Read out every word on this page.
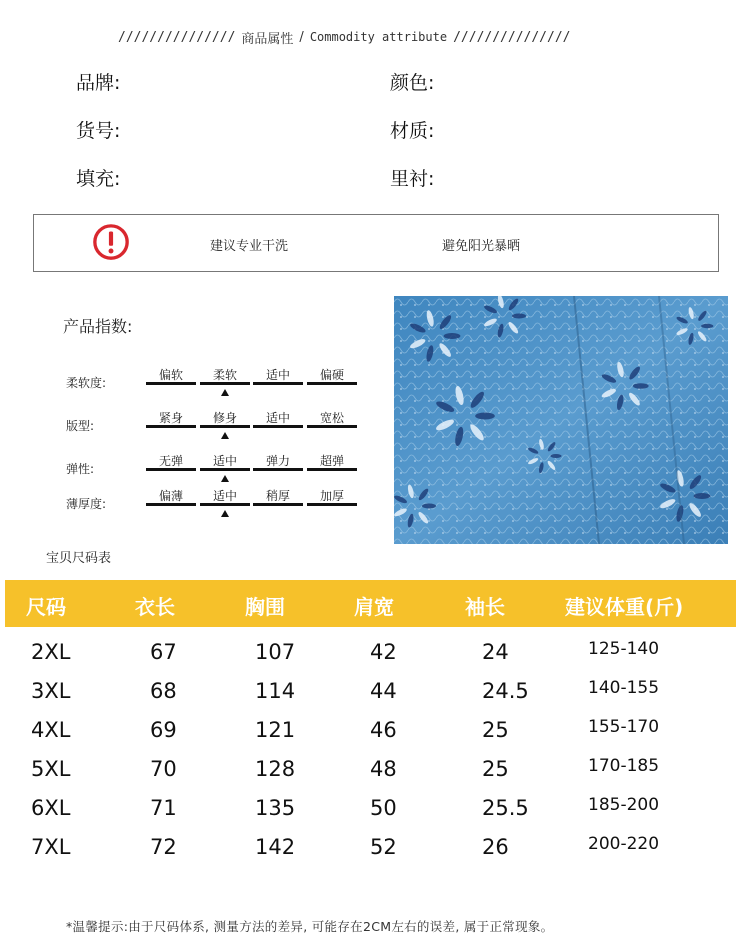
/////////////// 商品属性 / Commodity attribute ///////////////
品牌:	颜色:
货号:	材质:
填充:	里衬:
建议专业干洗	避免阳光暴晒
产品指数:
柔软度:
偏软	柔软	适中	偏硬
版型:
紧身	修身	适中	宽松
弹性:
无弹	适中	弹力	超弹
薄厚度:
偏薄	适中	稍厚	加厚
宝贝尺码表
尺码	衣长	胸围	肩宽	袖长	建议体重(斤)
2XL	67	107	42	24	125-140
3XL	68	114	44	24.5	140-155
4XL	69	121	46	25	155-170
5XL	70	128	48	25	170-185
6XL	71	135	50	25.5	185-200
7XL	72	142	52	26	200-220
*温馨提示:由于尺码体系, 测量方法的差异, 可能存在2CM左右的误差, 属于正常现象。
